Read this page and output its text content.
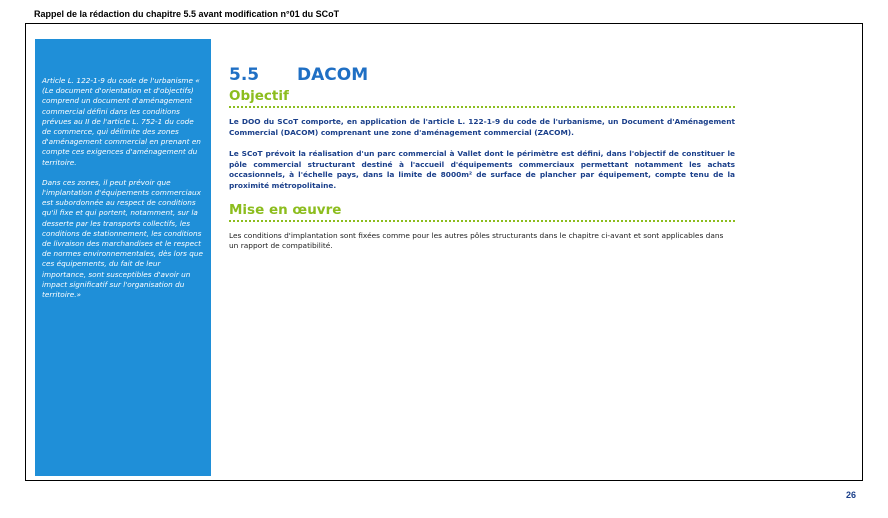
Rappel de la rédaction du chapitre 5.5 avant modification n°01 du SCoT

Article L. 122-1-9 du code de l'urbanisme « (Le document d'orientation et d'objectifs) comprend un document d'aménagement commercial défini dans les conditions prévues au II de l'article L. 752-1 du code de commerce, qui délimite des zones d'aménagement commercial en prenant en compte ces exigences d'aménagement du territoire.

Dans ces zones, il peut prévoir que l'implantation d'équipements commerciaux est subordonnée au respect de conditions qu'il fixe et qui portent, notamment, sur la desserte par les transports collectifs, les conditions de stationnement, les conditions de livraison des marchandises et le respect de normes environnementales, dès lors que ces équipements, du fait de leur importance, sont susceptibles d'avoir un impact significatif sur l'organisation du territoire.»

5.5	DACOM
Objectif

Le DOO du SCoT comporte, en application de l'article L. 122-1-9 du code de l'urbanisme, un Document d'Aménagement Commercial (DACOM) comprenant une zone d'aménagement commercial (ZACOM).

Le SCoT prévoit la réalisation d'un parc commercial à Vallet dont le périmètre est défini, dans l'objectif de constituer le pôle commercial structurant destiné à l'accueil d'équipements commerciaux permettant notamment les achats occasionnels, à l'échelle pays, dans la limite de 8000m² de surface de plancher par équipement, compte tenu de la proximité métropolitaine.

Mise en œuvre

Les conditions d'implantation sont fixées comme pour les autres pôles structurants dans le chapitre ci-avant et sont applicables dans un rapport de compatibilité.

26
